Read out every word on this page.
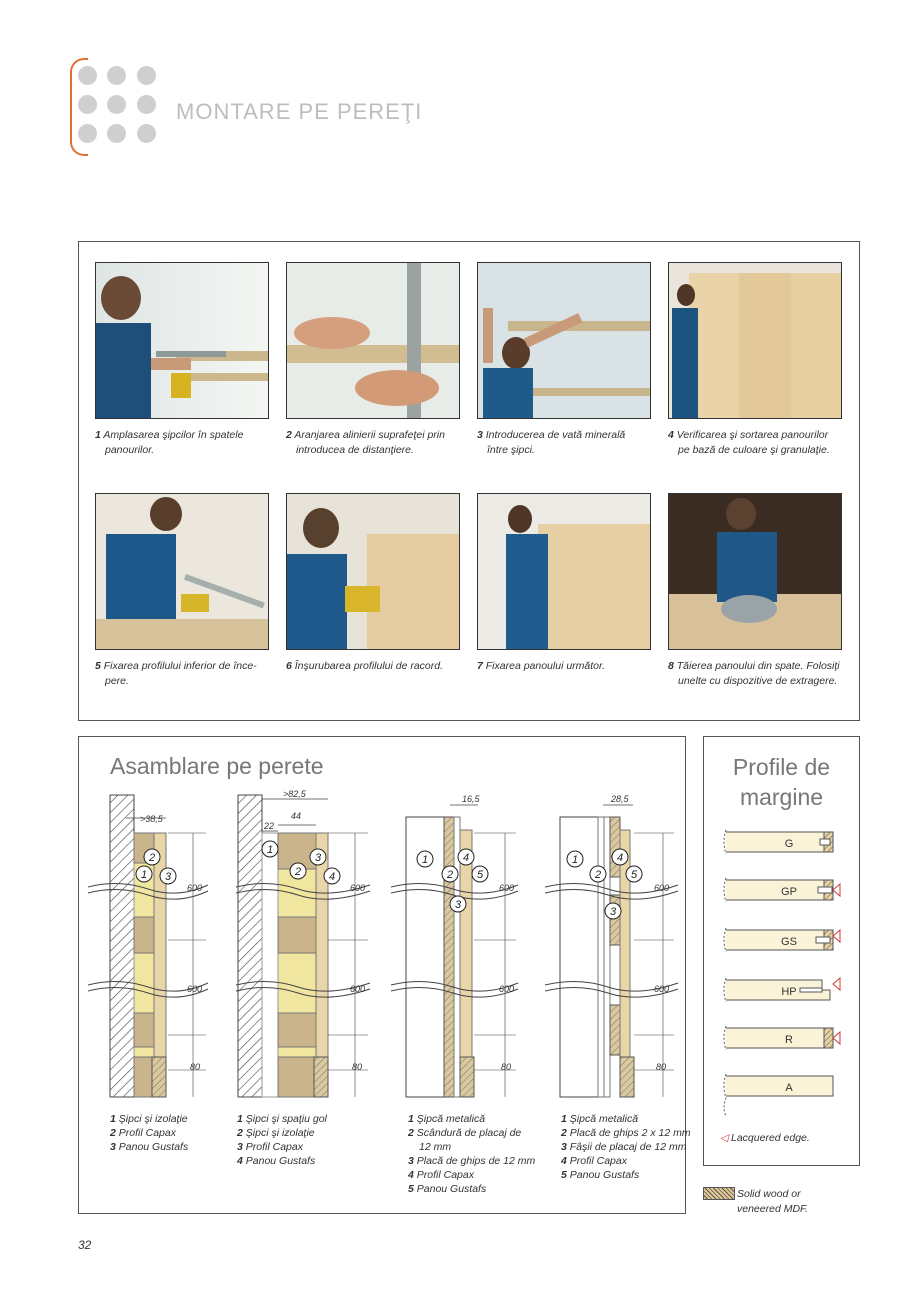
MONTARE PE PEREŢI
1 Amplasarea şipcilor în spatele
panourilor.
2 Aranjarea alinierii suprafeţei prin
introducea de distanţiere.
3 Introducerea de vată minerală
între şipci.
4 Verificarea şi sortarea panourilor
pe bază de culoare şi granulaţie.
5 Fixarea profilului inferior de înce-
pere.
6 Înşurubarea profilului de racord.	7 Fixarea panoului următor.	8 Tăierea panoului din spate. Folosiţi
unelte cu dispozitive de extragere.
Asamblare pe perete
1
2
3
>38,5
600
600
80
1
2
3
4
>82,5
22
44
600
600
80
1
2
3
4
5
16,5
600
600
80
1
2
3
4
5
28,5
600
600
80
1 Şipci şi izolaţie
2 Profil Capax
3 Panou Gustafs
1 Şipci şi spaţiu gol
2 Şipci şi izolaţie
3 Profil Capax
4 Panou Gustafs
1 Şipcă metalică
2 Scândură de placaj de
12 mm
3 Placă de ghips de 12 mm
4 Profil Capax
5 Panou Gustafs
1 Şipcă metalică
2 Placă de ghips 2 x 12 mm
3 Fâşii de placaj de 12 mm
4 Profil Capax
5 Panou Gustafs
Profile de
margine
G
GP
GS
HP
R
A
◁ Lacquered edge.
Solid wood or
veneered MDF.
32
